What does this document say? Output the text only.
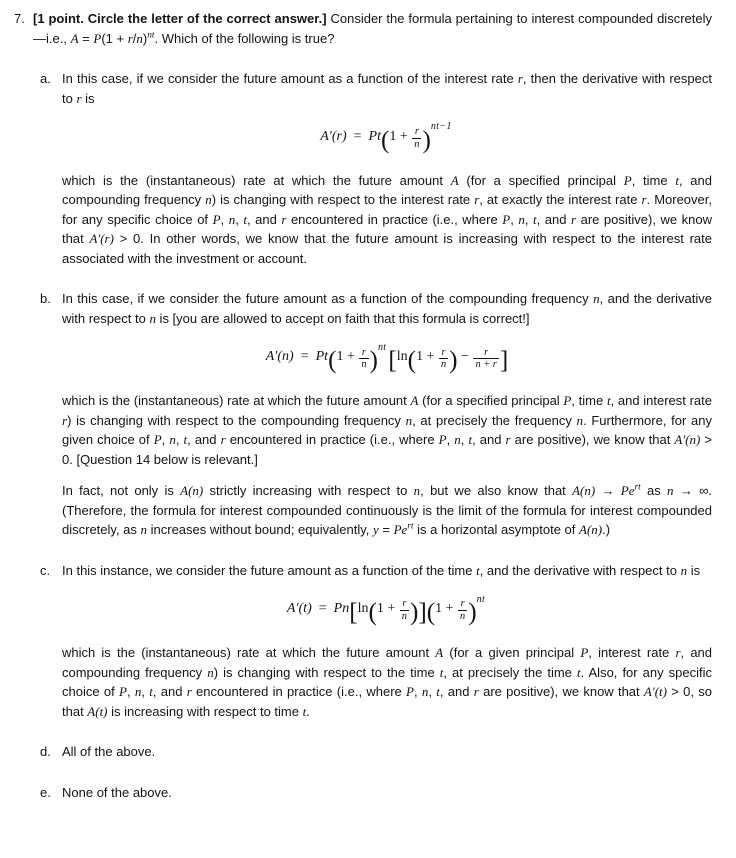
7. [1 point. Circle the letter of the correct answer.] Consider the formula pertaining to interest compounded discretely—i.e., $A = P(1 + r/n)^{nt}$. Which of the following is true?
a. In this case, if we consider the future amount as a function of the interest rate r, then the derivative with respect to r is

$A'(r) = Pt(1 + \frac{r}{n} )^{nt-1}$

which is the (instantaneous) rate at which the future amount A (for a specified principal P, time t, and compounding frequency n) is changing with respect to the interest rate r, at exactly the interest rate r. Moreover, for any specific choice of P, n, t, and r encountered in practice (i.e., where P, n, t, and r are positive), we know that A′(r) > 0. In other words, we know that the future amount is increasing with respect to the interest rate associated with the investment or account.

b. In this case, if we consider the future amount as a function of the compounding frequency n, and the derivative with respect to n is [you are allowed to accept on faith that this formula is correct!]

$A'(n) = Pt(1 + \frac{r}{n} )^{nt}[\ln(1 + \frac{r}{n}$ ) − $\frac{r}{n + r}$ ]

which is the (instantaneous) rate at which the future amount A (for a specified principal P, time t, and interest rate r) is changing with respect to the compounding frequency n, at precisely the frequency n. Furthermore, for any given choice of P, n, t, and r encountered in practice (i.e., where P, n, t, and r are positive), we know that A′(n) > 0. [Question 14 below is relevant.]

In fact, not only is A(n) strictly increasing with respect to n, but we also know that $A(n) \to Pe^{rt}$ as n → ∞. (Therefore, the formula for interest compounded continuously is the limit of the formula for interest compounded discretely, as n increases without bound; equivalently, $y = Pe^{rt}$ is a horizontal asymptote of A(n).)

c. In this instance, we consider the future amount as a function of the time t, and the derivative with respect to n is

$A'(t) = Pn[\ln(1 + \frac{r}{n} )](1 + \frac{r}{n} )^{nt}$

which is the (instantaneous) rate at which the future amount A (for a given principal P, interest rate r, and compounding frequency n) is changing with respect to the time t, at precisely the time t. Also, for any specific choice of P, n, t, and r encountered in practice (i.e., where P, n, t, and r are positive), we know that A′(t) > 0, so that A(t) is increasing with respect to time t.

d. All of the above.

e. None of the above.
